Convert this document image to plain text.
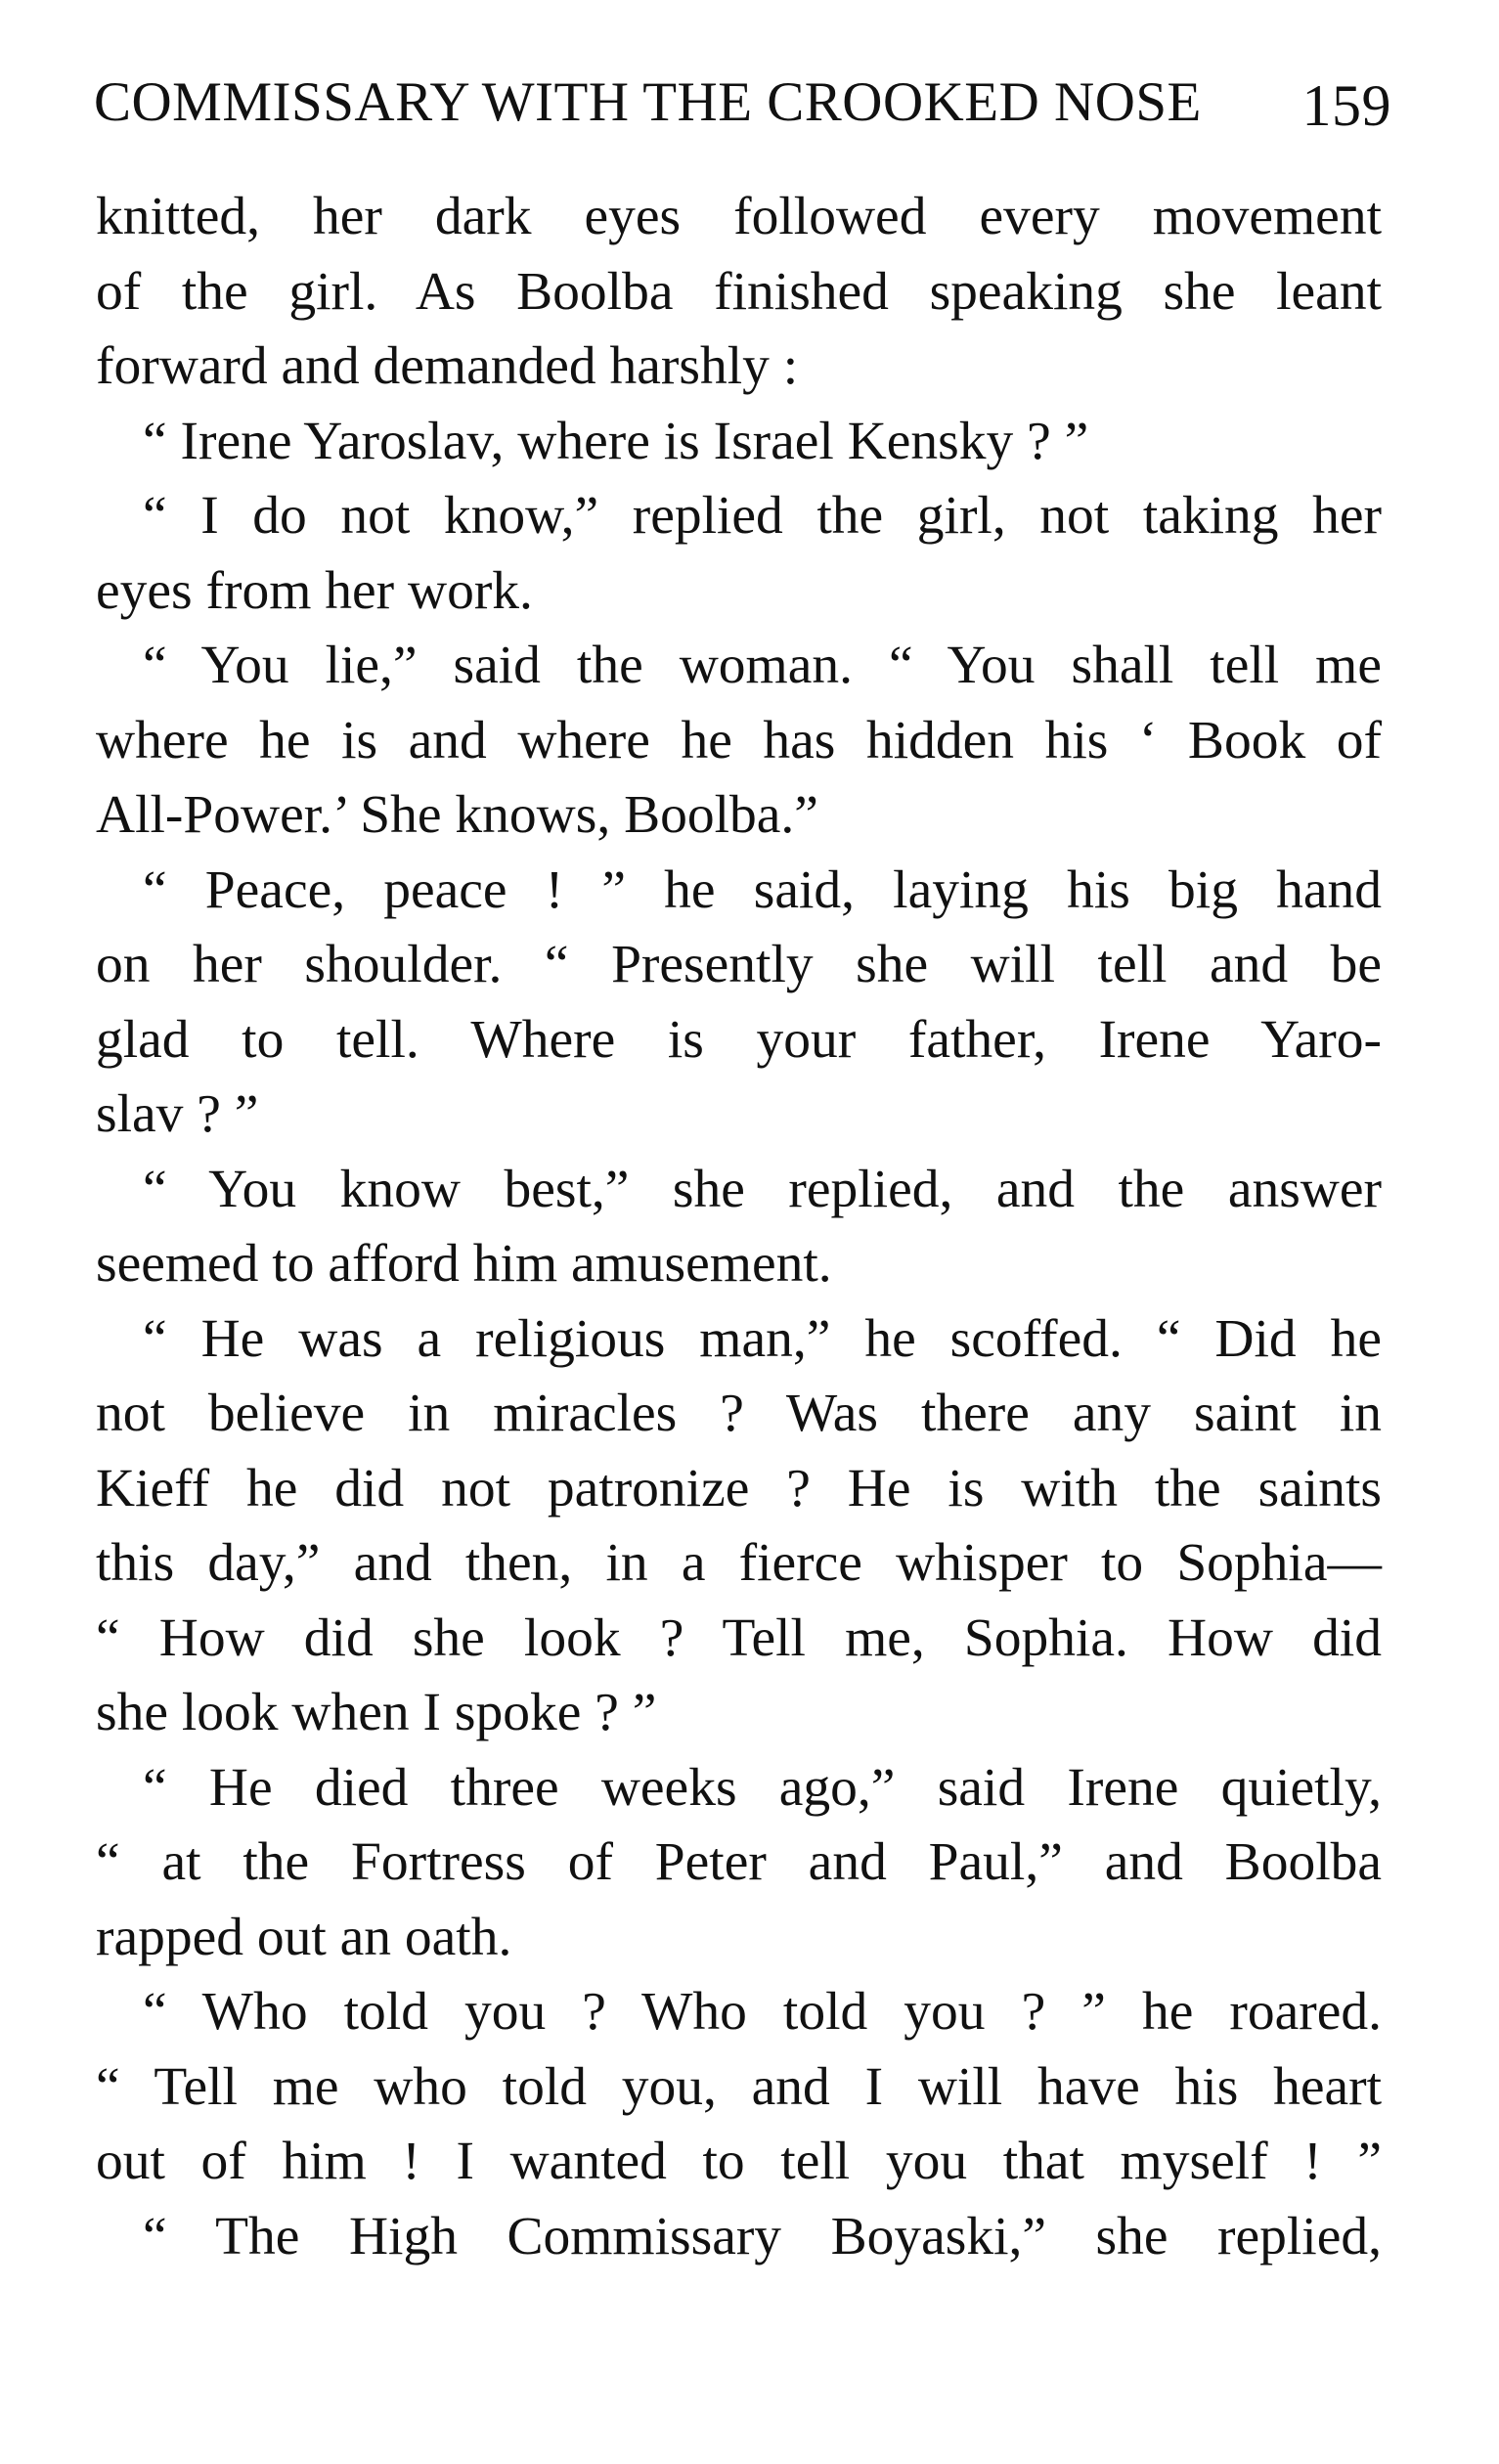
COMMISSARY WITH THE CROOKED NOSE 159
knitted, her dark eyes followed every movement
of the girl. As Boolba finished speaking she leant
forward and demanded harshly :
“ Irene Yaroslav, where is Israel Kensky ? ”
“ I do not know,” replied the girl, not taking her
eyes from her work.
“ You lie,” said the woman. “ You shall tell me
where he is and where he has hidden his ‘ Book of
All-Power.’ She knows, Boolba.”
“ Peace, peace ! ” he said, laying his big hand
on her shoulder. “ Presently she will tell and be
glad to tell. Where is your father, Irene Yaro-
slav ? ”
“ You know best,” she replied, and the answer
seemed to afford him amusement.
“ He was a religious man,” he scoffed. “ Did he
not believe in miracles ? Was there any saint in
Kieff he did not patronize ? He is with the saints
this day,” and then, in a fierce whisper to Sophia—
“ How did she look ? Tell me, Sophia. How did
she look when I spoke ? ”
“ He died three weeks ago,” said Irene quietly,
“ at the Fortress of Peter and Paul,” and Boolba
rapped out an oath.
“ Who told you ? Who told you ? ” he roared.
“ Tell me who told you, and I will have his heart
out of him ! I wanted to tell you that myself ! ”
“ The High Commissary Boyaski,” she replied,
